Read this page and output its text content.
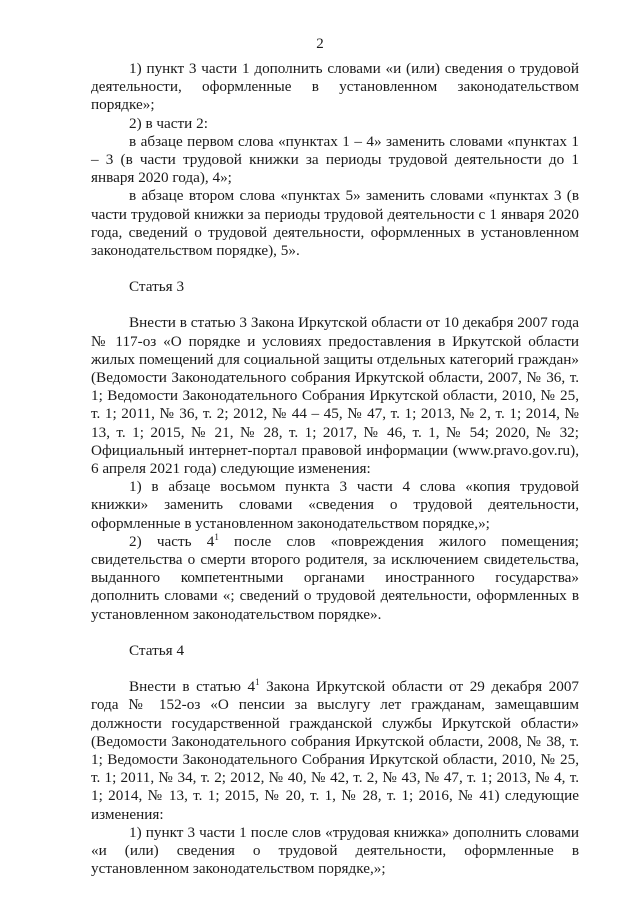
2

1) пункт 3 части 1 дополнить словами «и (или) сведения о трудовой деятельности, оформленные в установленном законодательством порядке»;

2) в части 2:

в абзаце первом слова «пунктах 1 – 4» заменить словами «пунктах 1 – 3 (в части трудовой книжки за периоды трудовой деятельности до 1 января 2020 года), 4»;

в абзаце втором слова «пунктах 5» заменить словами «пунктах 3 (в части трудовой книжки за периоды трудовой деятельности с 1 января 2020 года, сведений о трудовой деятельности, оформленных в установленном законодательством порядке), 5».

Статья 3

Внести в статью 3 Закона Иркутской области от 10 декабря 2007 года № 117-оз «О порядке и условиях предоставления в Иркутской области жилых помещений для социальной защиты отдельных категорий граждан» (Ведомости Законодательного собрания Иркутской области, 2007, № 36, т. 1; Ведомости Законодательного Собрания Иркутской области, 2010, № 25, т. 1; 2011, № 36, т. 2; 2012, № 44 – 45, № 47, т. 1; 2013, № 2, т. 1; 2014, № 13, т. 1; 2015, № 21, № 28, т. 1; 2017, № 46, т. 1, № 54; 2020, № 32; Официальный интернет-портал правовой информации (www.pravo.gov.ru), 6 апреля 2021 года) следующие изменения:

1) в абзаце восьмом пункта 3 части 4 слова «копия трудовой книжки» заменить словами «сведения о трудовой деятельности, оформленные в установленном законодательством порядке,»;

2) часть $4^1$ после слов «повреждения жилого помещения; свидетельства о смерти второго родителя, за исключением свидетельства, выданного компетентными органами иностранного государства» дополнить словами «; сведений о трудовой деятельности, оформленных в установленном законодательством порядке».

Статья 4

Внести в статью $4^1$ Закона Иркутской области от 29 декабря 2007 года № 152-оз «О пенсии за выслугу лет гражданам, замещавшим должности государственной гражданской службы Иркутской области» (Ведомости Законодательного собрания Иркутской области, 2008, № 38, т. 1; Ведомости Законодательного Собрания Иркутской области, 2010, № 25, т. 1; 2011, № 34, т. 2; 2012, № 40, № 42, т. 2, № 43, № 47, т. 1; 2013, № 4, т. 1; 2014, № 13, т. 1; 2015, № 20, т. 1, № 28, т. 1; 2016, № 41) следующие изменения:

1) пункт 3 части 1 после слов «трудовая книжка» дополнить словами «и (или) сведения о трудовой деятельности, оформленные в установленном законодательством порядке,»;
